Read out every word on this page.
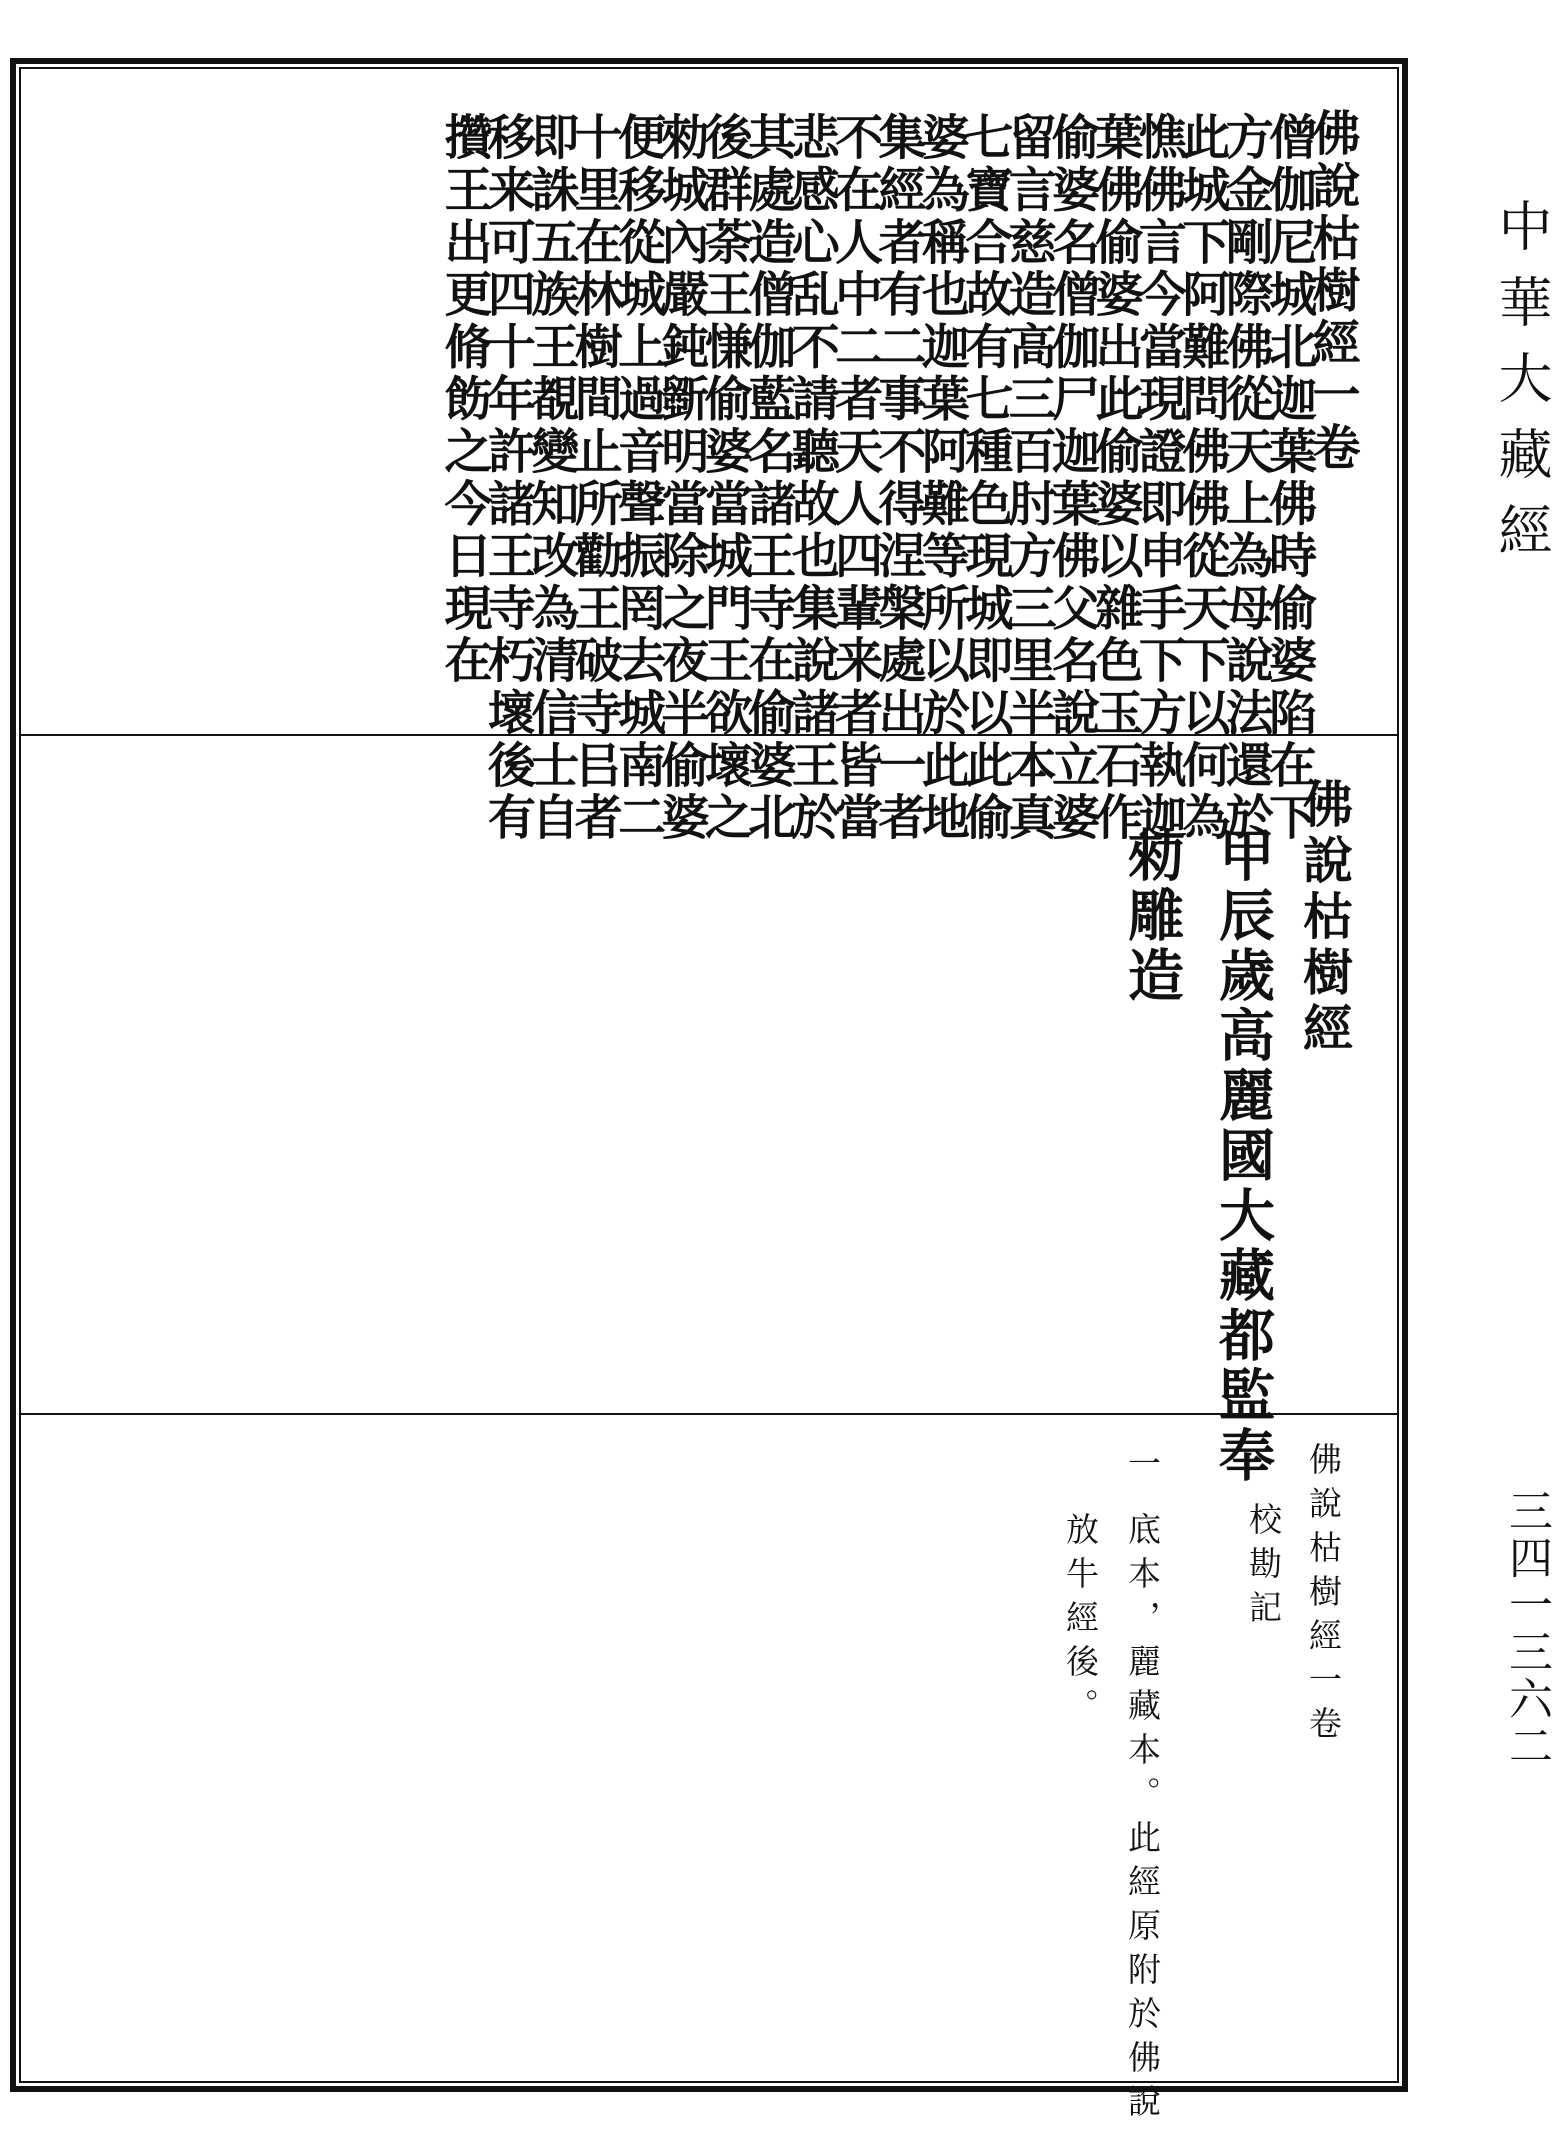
佛說枯樹經一卷
僧伽尼城北迦葉佛時偷婆陷在下
方金剛際佛從天上為母說法還於
此城下阿難問佛佛從天下以何為
憔佛言今當現證即申手下方執迦
葉佛偷婆出此偷婆以雜色玉石作
偷婆名僧伽尸迦葉佛父名說立婆
留言慈造高三百肘方三里半本真
七寶合故有七種色現城即以此偷
婆為稱也迦葉阿難等所以於此地
集經者有二事不得涅槃處出一者
不在人中二者天人四輩来者皆當
悲感心乱不請聽故也集說諸王於
其處造僧伽藍名諸王寺在偷婆北
後群荼王慊偷婆當城門王欲壞之
勑城內嚴鈍斵明當除之夜半偷婆
便移從城上過音聲振罔去城南二
十里在林樹間止所勸王破寺㠯者
即誅五族王覩變知改為清信士自
移来可四十年許諸王寺朽壞後有
攢王出更脩飭之今日現在
佛說枯樹經
甲辰歲高麗國大藏都監奉
勑雕造
佛說枯樹經一卷
校勘記
一
底本，麗藏本。此經原附於佛說
放牛經後。
中華大藏經
三四一三六二
